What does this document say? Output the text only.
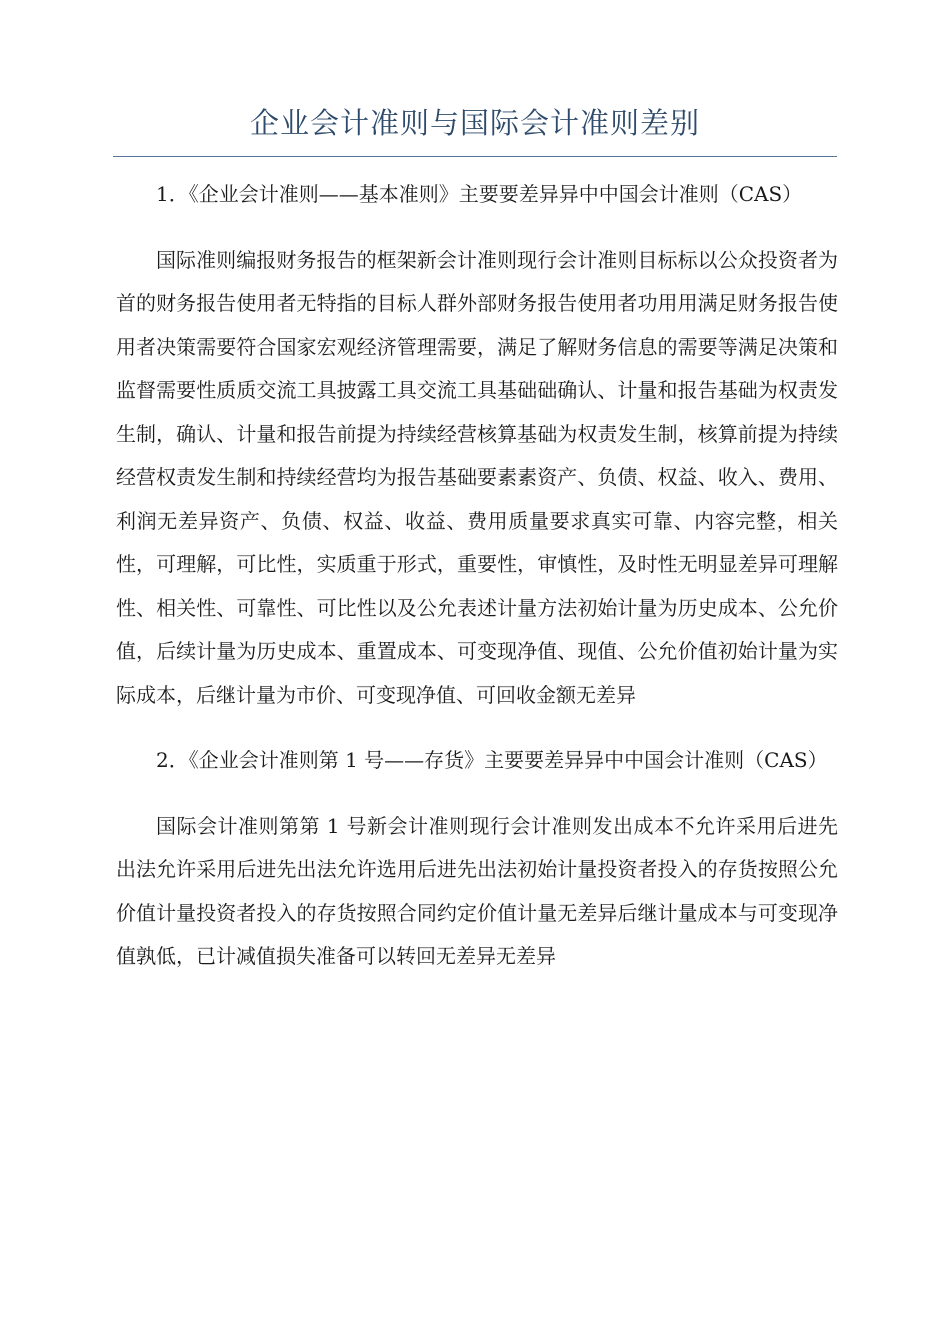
企业会计准则与国际会计准则差别

1．《企业会计准则——基本准则》主要要差异异中中国会计准则（CAS）

国际准则编报财务报告的框架新会计准则现行会计准则目标标以公众投资者为首的财务报告使用者无特指的目标人群外部财务报告使用者功用用满足财务报告使用者决策需要符合国家宏观经济管理需要，满足了解财务信息的需要等满足决策和监督需要性质质交流工具披露工具交流工具基础础确认、计量和报告基础为权责发生制，确认、计量和报告前提为持续经营核算基础为权责发生制，核算前提为持续经营权责发生制和持续经营均为报告基础要素素资产、负债、权益、收入、费用、利润无差异资产、负债、权益、收益、费用质量要求真实可靠、内容完整，相关性，可理解，可比性，实质重于形式，重要性，审慎性，及时性无明显差异可理解性、相关性、可靠性、可比性以及公允表述计量方法初始计量为历史成本、公允价值，后续计量为历史成本、重置成本、可变现净值、现值、公允价值初始计量为实际成本，后继计量为市价、可变现净值、可回收金额无差异

2．《企业会计准则第 1 号——存货》主要要差异异中中国会计准则（CAS）

国际会计准则第第 1 号新会计准则现行会计准则发出成本不允许采用后进先出法允许采用后进先出法允许选用后进先出法初始计量投资者投入的存货按照公允价值计量投资者投入的存货按照合同约定价值计量无差异后继计量成本与可变现净值孰低，已计减值损失准备可以转回无差异无差异
